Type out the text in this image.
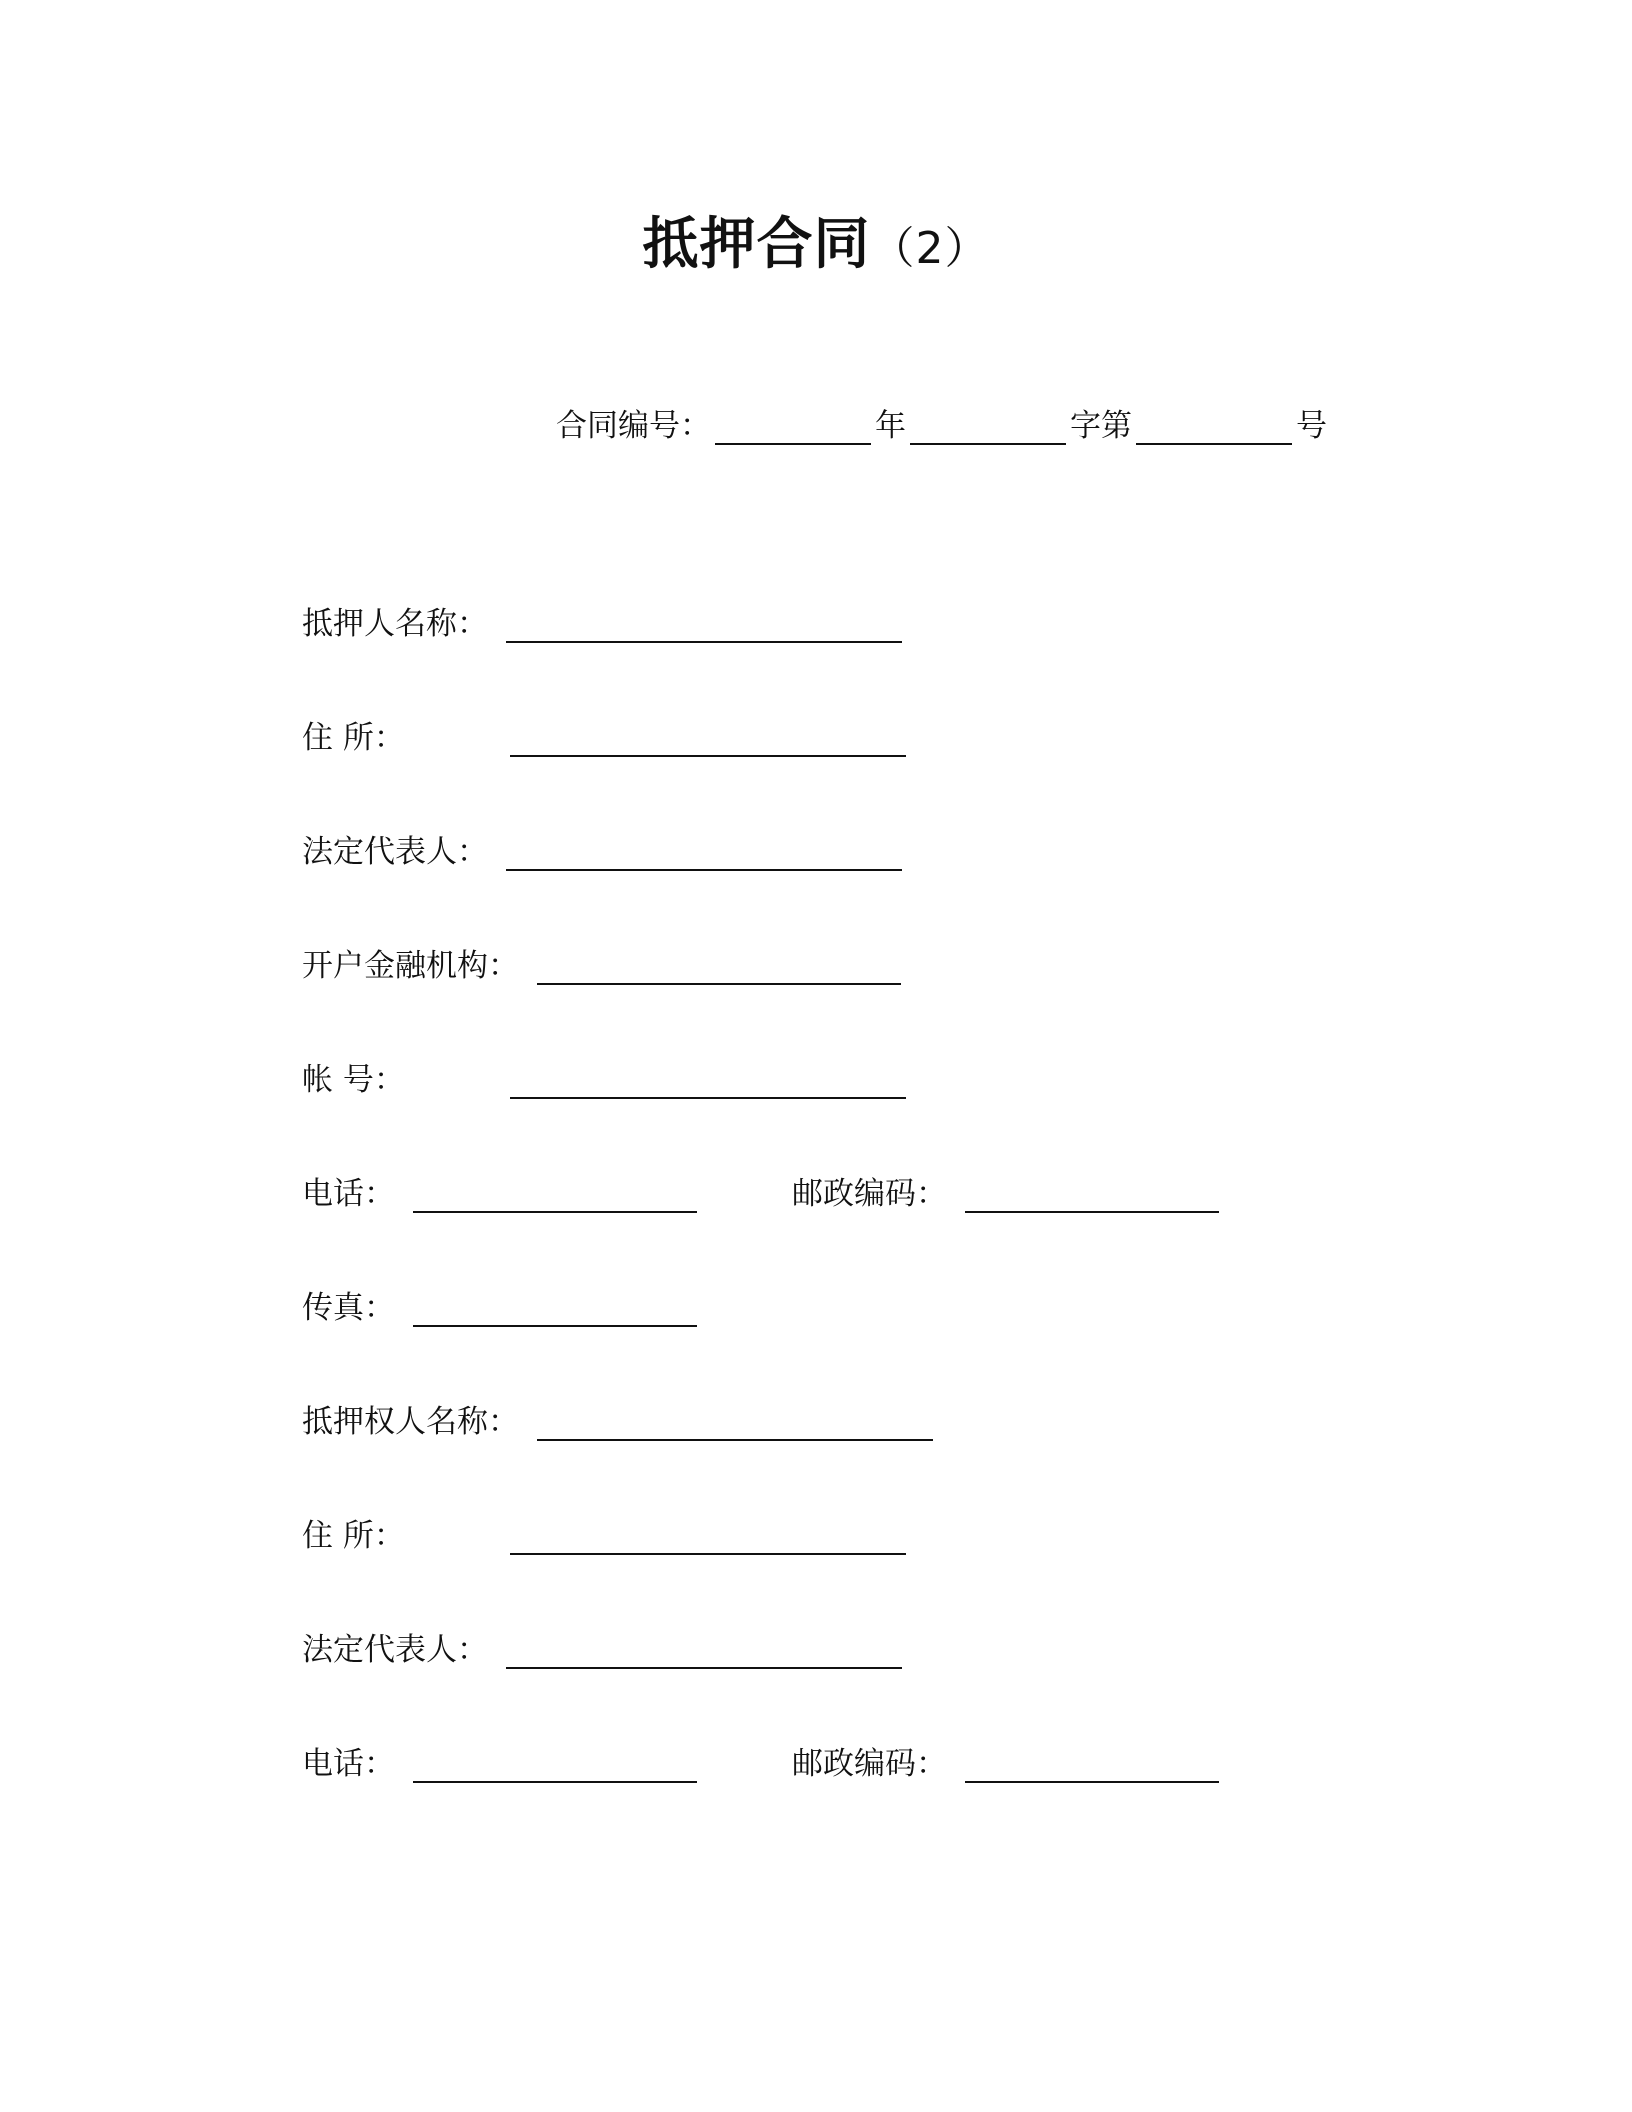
抵押合同（2）
合同编号：	年	字第	号
抵押人名称：
住 所：
法定代表人：
开户金融机构：
帐 号：
电话：	邮政编码：
传真：
抵押权人名称：
住 所：
法定代表人：
电话：	邮政编码：
